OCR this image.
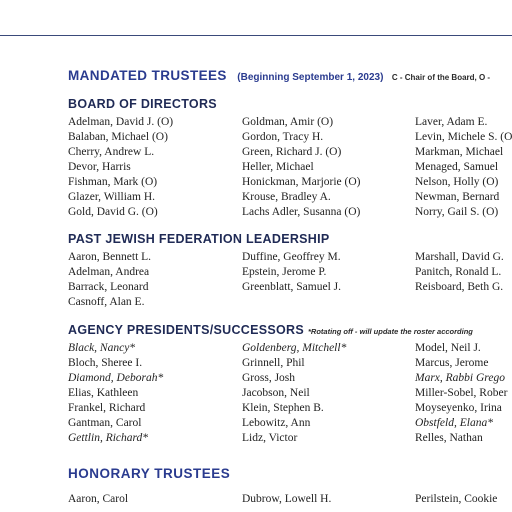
MANDATED TRUSTEES (Beginning September 1, 2023) C - Chair of the Board, O -
BOARD OF DIRECTORS
Adelman, David J. (O)
Balaban, Michael (O)
Cherry, Andrew L.
Devor, Harris
Fishman, Mark (O)
Glazer, William H.
Gold, David G. (O)
Goldman, Amir (O)
Gordon, Tracy H.
Green, Richard J. (O)
Heller, Michael
Honickman, Marjorie (O)
Krouse, Bradley A.
Lachs Adler, Susanna (O)
Laver, Adam E.
Levin, Michele S. (O
Markman, Michael
Menaged, Samuel
Nelson, Holly (O)
Newman, Bernard
Norry, Gail S. (O)
PAST JEWISH FEDERATION LEADERSHIP
Aaron, Bennett L.
Adelman, Andrea
Barrack, Leonard
Casnoff, Alan E.
Duffine, Geoffrey M.
Epstein, Jerome P.
Greenblatt, Samuel J.
Marshall, David G.
Panitch, Ronald L.
Reisboard, Beth G.
AGENCY PRESIDENTS/SUCCESSORS *Rotating off - will update the roster according
Black, Nancy*
Bloch, Sheree I.
Diamond, Deborah*
Elias, Kathleen
Frankel, Richard
Gantman, Carol
Gettlin, Richard*
Goldenberg, Mitchell*
Grinnell, Phil
Gross, Josh
Jacobson, Neil
Klein, Stephen B.
Lebowitz, Ann
Lidz, Victor
Model, Neil J.
Marcus, Jerome
Marx, Rabbi Grego
Miller-Sobel, Rober
Moyseyenko, Irina
Obstfeld, Elana*
Relles, Nathan
HONORARY TRUSTEES
Aaron, Carol	Dubrow, Lowell H.	Perilstein, Cookie
